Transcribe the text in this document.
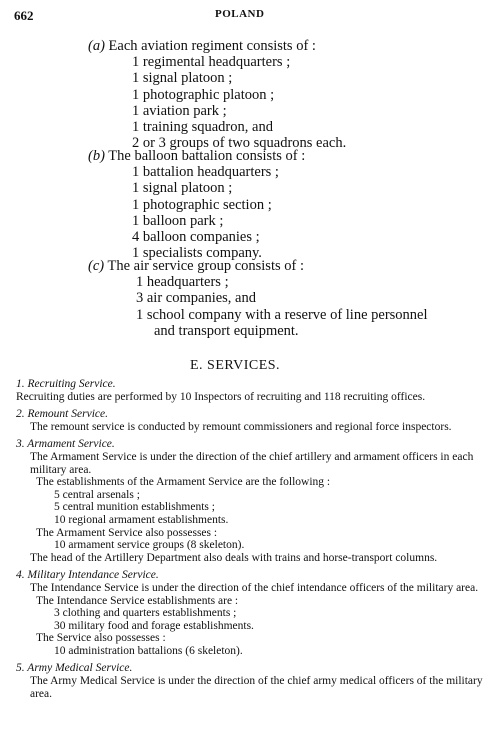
662	POLAND
(a) Each aviation regiment consists of :
1 regimental headquarters ;
1 signal platoon ;
1 photographic platoon ;
1 aviation park ;
1 training squadron, and
2 or 3 groups of two squadrons each.
(b) The balloon battalion consists of :
1 battalion headquarters ;
1 signal platoon ;
1 photographic section ;
1 balloon park ;
4 balloon companies ;
1 specialists company.
(c) The air service group consists of :
1 headquarters ;
3 air companies, and
1 school company with a reserve of line personnel
and transport equipment.
E. SERVICES.
1. Recruiting Service.
Recruiting duties are performed by 10 Inspectors of recruiting and 118 recruiting offices.
2. Remount Service.
The remount service is conducted by remount commissioners and regional force inspectors.
3. Armament Service.
The Armament Service is under the direction of the chief artillery and armament officers in each military area.
The establishments of the Armament Service are the following :
5 central arsenals ;
5 central munition establishments ;
10 regional armament establishments.
The Armament Service also possesses :
10 armament service groups (8 skeleton).
The head of the Artillery Department also deals with trains and horse-transport columns.
4. Military Intendance Service.
The Intendance Service is under the direction of the chief intendance officers of the military area.
The Intendance Service establishments are :
3 clothing and quarters establishments ;
30 military food and forage establishments.
The Service also possesses :
10 administration battalions (6 skeleton).
5. Army Medical Service.
The Army Medical Service is under the direction of the chief army medical officers of the military area.
